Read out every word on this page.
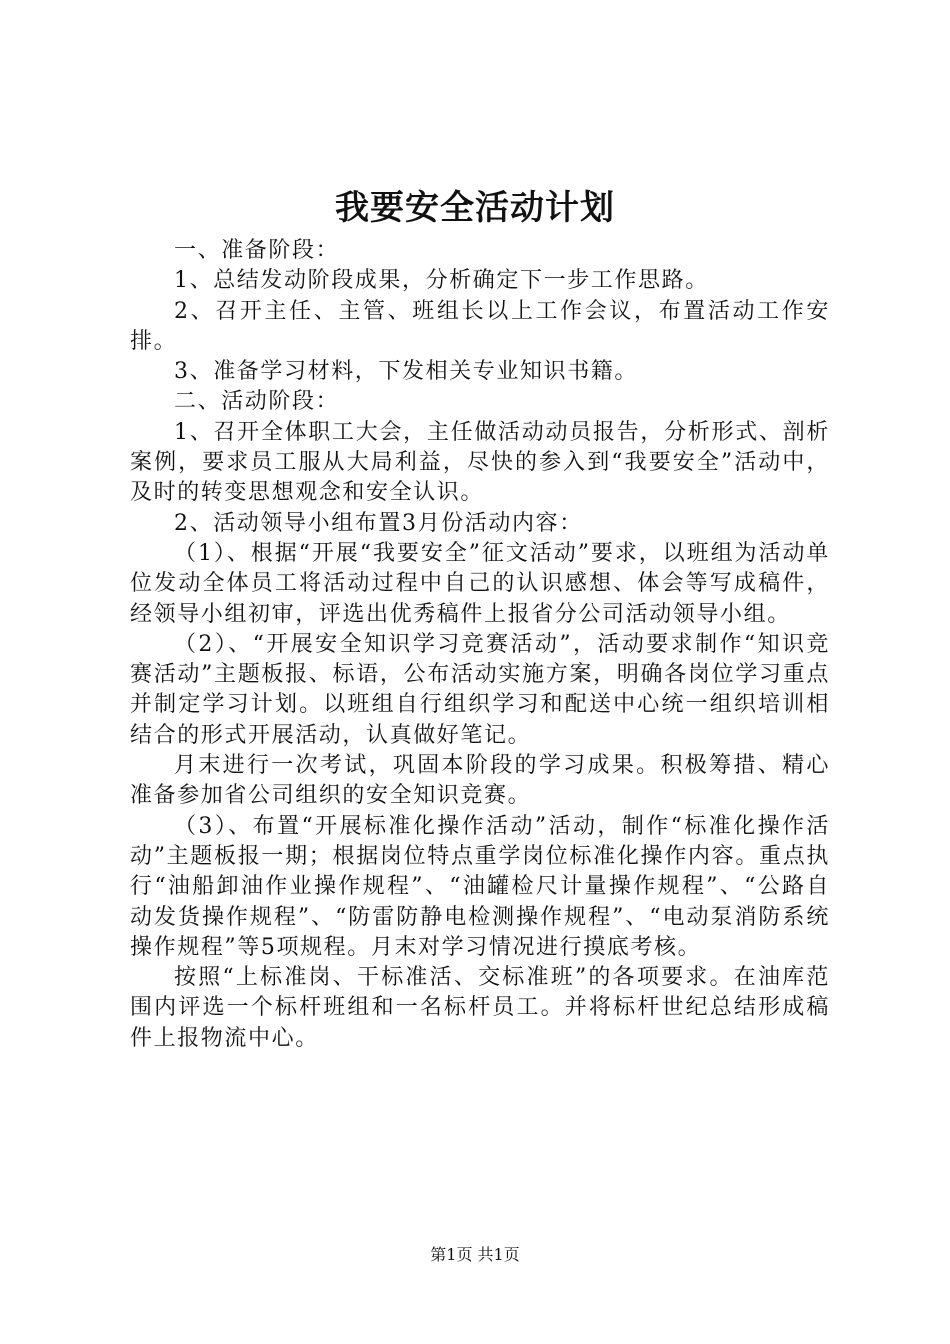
我要安全活动计划

一、准备阶段：

1、总结发动阶段成果，分析确定下一步工作思路。

2、召开主任、主管、班组长以上工作会议，布置活动工作安排。

3、准备学习材料，下发相关专业知识书籍。

二、活动阶段：

1、召开全体职工大会，主任做活动动员报告，分析形式、剖析案例，要求员工服从大局利益，尽快的参入到“我要安全”活动中，及时的转变思想观念和安全认识。

2、活动领导小组布置3月份活动内容：

（1）、根据“开展“我要安全”征文活动”要求，以班组为活动单位发动全体员工将活动过程中自己的认识感想、体会等写成稿件，经领导小组初审，评选出优秀稿件上报省分公司活动领导小组。

（2）、“开展安全知识学习竞赛活动”，活动要求制作“知识竞赛活动”主题板报、标语，公布活动实施方案，明确各岗位学习重点并制定学习计划。以班组自行组织学习和配送中心统一组织培训相结合的形式开展活动，认真做好笔记。

月末进行一次考试，巩固本阶段的学习成果。积极筹措、精心准备参加省公司组织的安全知识竞赛。

（3）、布置“开展标准化操作活动”活动，制作“标准化操作活动”主题板报一期；根据岗位特点重学岗位标准化操作内容。重点执行“油船卸油作业操作规程”、“油罐检尺计量操作规程”、“公路自动发货操作规程”、“防雷防静电检测操作规程”、“电动泵消防系统操作规程”等5项规程。月末对学习情况进行摸底考核。

按照“上标准岗、干标准活、交标准班”的各项要求。在油库范围内评选一个标杆班组和一名标杆员工。并将标杆世纪总结形成稿件上报物流中心。

第1页 共1页
